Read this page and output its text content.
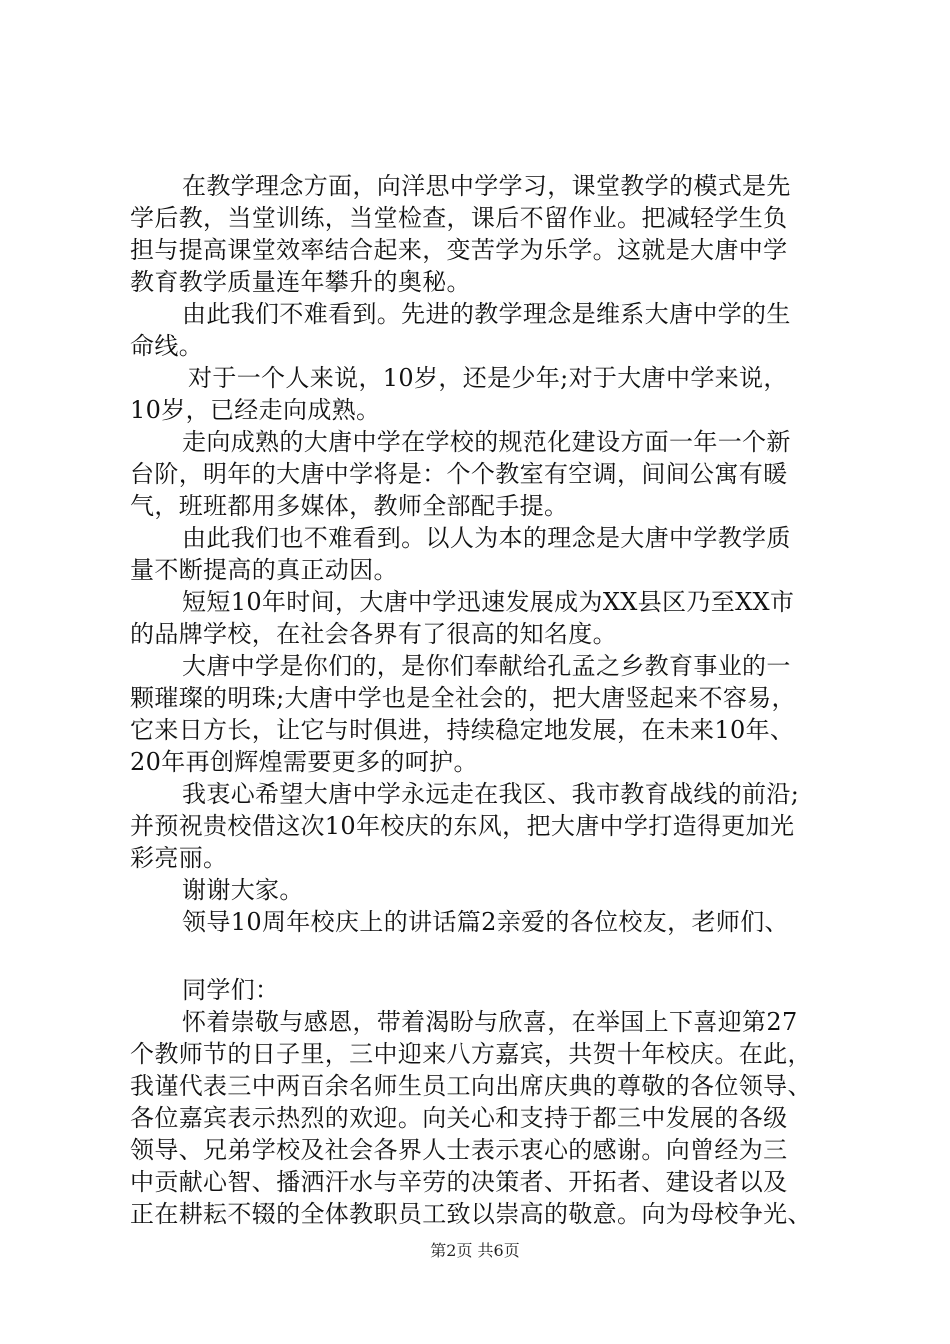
在教学理念方面，向洋思中学学习，课堂教学的模式是先
学后教，当堂训练，当堂检查，课后不留作业。把减轻学生负
担与提高课堂效率结合起来，变苦学为乐学。这就是大唐中学
教育教学质量连年攀升的奥秘。
由此我们不难看到。先进的教学理念是维系大唐中学的生
命线。
对于一个人来说，10岁，还是少年;对于大唐中学来说，
10岁，已经走向成熟。
走向成熟的大唐中学在学校的规范化建设方面一年一个新
台阶，明年的大唐中学将是：个个教室有空调，间间公寓有暖
气，班班都用多媒体，教师全部配手提。
由此我们也不难看到。以人为本的理念是大唐中学教学质
量不断提高的真正动因。
短短10年时间，大唐中学迅速发展成为XX县区乃至XX市
的品牌学校，在社会各界有了很高的知名度。
大唐中学是你们的，是你们奉献给孔孟之乡教育事业的一
颗璀璨的明珠;大唐中学也是全社会的，把大唐竖起来不容易，
它来日方长，让它与时俱进，持续稳定地发展，在未来10年、
20年再创辉煌需要更多的呵护。
我衷心希望大唐中学永远走在我区、我市教育战线的前沿;
并预祝贵校借这次10年校庆的东风，把大唐中学打造得更加光
彩亮丽。
谢谢大家。
领导10周年校庆上的讲话篇2亲爱的各位校友，老师们、
同学们：
怀着崇敬与感恩，带着渴盼与欣喜，在举国上下喜迎第27
个教师节的日子里，三中迎来八方嘉宾，共贺十年校庆。在此，
我谨代表三中两百余名师生员工向出席庆典的尊敬的各位领导、
各位嘉宾表示热烈的欢迎。向关心和支持于都三中发展的各级
领导、兄弟学校及社会各界人士表示衷心的感谢。向曾经为三
中贡献心智、播洒汗水与辛劳的决策者、开拓者、建设者以及
正在耕耘不辍的全体教职员工致以崇高的敬意。向为母校争光、
第2页 共6页
